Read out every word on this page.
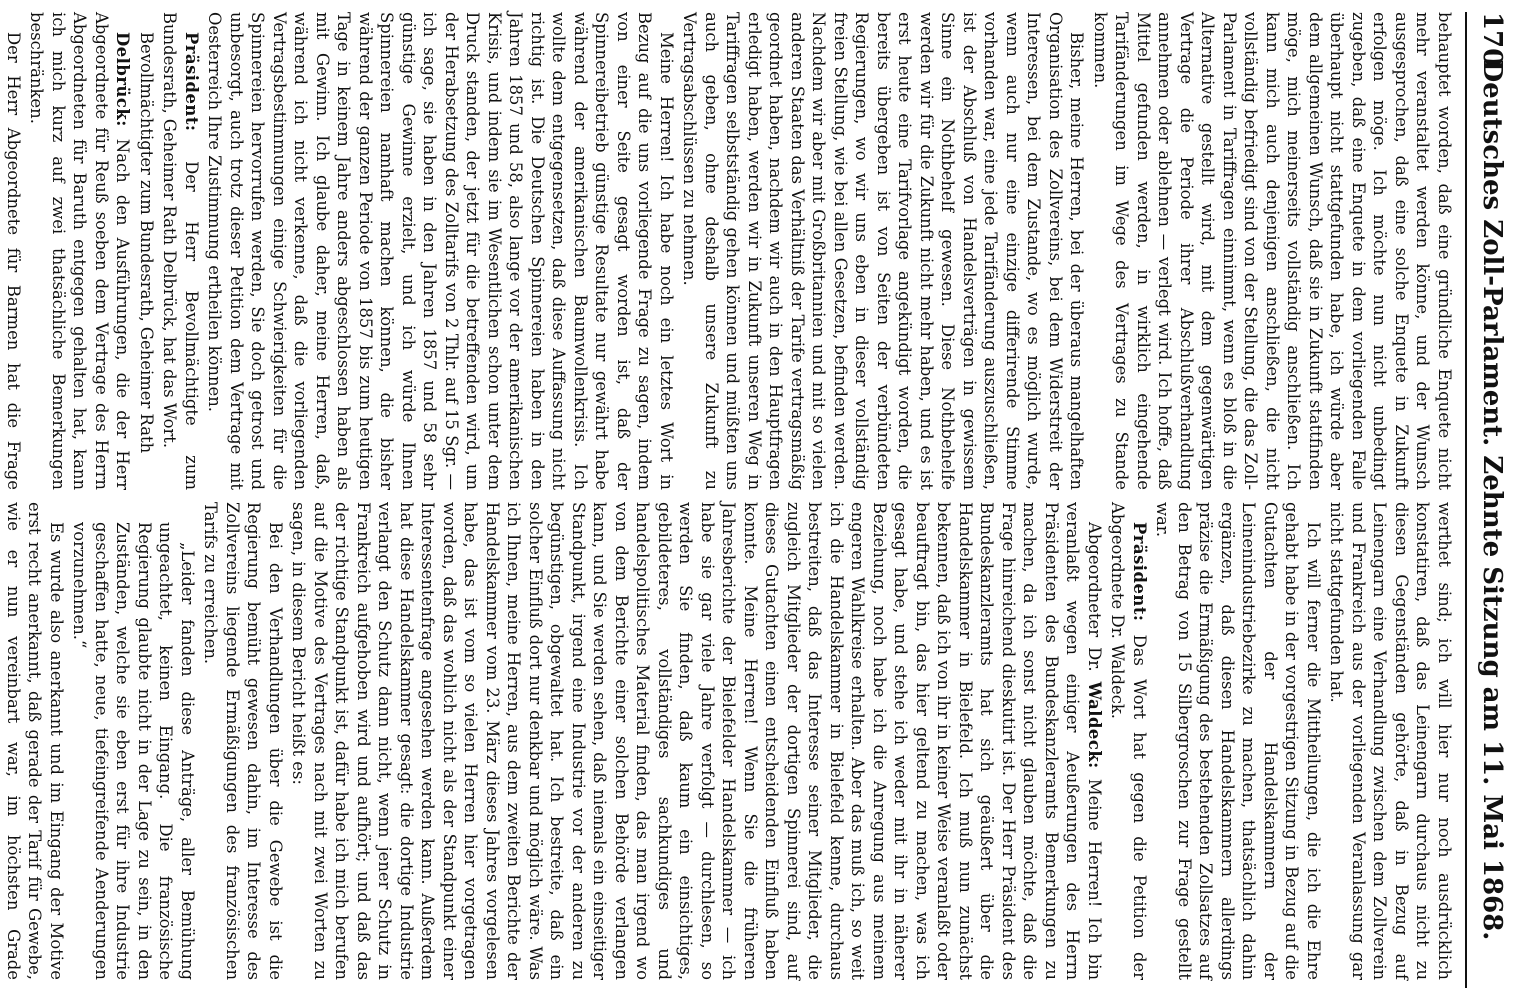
170
Deutsches Zoll-Parlament. Zehnte Sitzung am 11. Mai 1868.

behauptet worden, daß eine gründliche Enquete nicht mehr veranstaltet werden könne, und der Wunsch ausgesprochen, daß eine solche Enquete in Zukunft erfolgen möge. Ich möchte nun nicht unbedingt zugeben, daß eine Enquete in dem vorliegenden Falle überhaupt nicht stattgefunden habe, ich würde aber dem allgemeinen Wunsch, daß sie in Zukunft stattfinden möge, mich meinerseits vollständig anschließen. Ich kann mich auch denjenigen anschließen, die nicht vollständig befriedigt sind von der Stellung, die das Zoll-Parlament in Tariffragen einnimmt, wenn es bloß in die Alternative gestellt wird, mit dem gegenwärtigen Vertrage die Periode ihrer Abschlußverhandlung annehmen oder ablehnen — verlegt wird. Ich hoffe, daß Mittel gefunden werden, in wirklich eingehende Tarifänderungen im Wege des Vertrages zu Stande kommen.

Bisher, meine Herren, bei der überaus mangelhaften Organisation des Zollvereins, bei dem Widerstreit der Interessen, bei dem Zustande, wo es möglich wurde, wenn auch nur eine einzige differirende Stimme vorhanden war, eine jede Tarifänderung auszuschließen, ist der Abschluß von Handelsverträgen in gewissem Sinne ein Nothbehelf gewesen. Diese Nothbehelfe werden wir für die Zukunft nicht mehr haben, und es ist erst heute eine Tarifvorlage angekündigt worden, die bereits übergeben ist von Seiten der verbündeten Regierungen, wo wir uns eben in dieser vollständig freien Stellung, wie bei allen Gesetzen, befinden werden. Nachdem wir aber mit Großbritannien und mit so vielen anderen Staaten das Verhältniß der Tarife vertragsmäßig geordnet haben, nachdem wir auch in den Hauptfragen erledigt haben, werden wir in Zukunft unseren Weg in Tariffragen selbstständig gehen können und müßten uns auch geben, ohne deshalb unsere Zukunft zu Vertragsabschlüssen zu nehmen.

Meine Herren! Ich habe noch ein letztes Wort in Bezug auf die uns vorliegende Frage zu sagen, indem von einer Seite gesagt worden ist, daß der Spinnereibetrieb günstige Resultate nur gewährt habe während der amerikanischen Baumwollenkrisis. Ich wollte dem entgegensetzen, daß diese Auffassung nicht richtig ist. Die Deutschen Spinnereien haben in den Jahren 1857 und 58, also lange vor der amerikanischen Krisis, und indem sie im Wesentlichen schon unter dem Druck standen, der jetzt für die betreffenden wird, um der Herabsetzung des Zolltarifs von 2 Thlr. auf 15 Sgr. — ich sage, sie haben in den Jahren 1857 und 58 sehr günstige Gewinne erzielt, und ich würde Ihnen Spinnereien namhaft machen können, die bisher während der ganzen Periode von 1857 bis zum heutigen Tage in keinem Jahre anders abgeschlossen haben als mit Gewinn. Ich glaube daher, meine Herren, daß, während ich nicht verkenne, daß die vorliegenden Vertragsbestimmungen einige Schwierigkeiten für die Spinnereien hervorrufen werden, Sie doch getrost und unbesorgt, auch trotz dieser Petition dem Vertrage mit Oesterreich Ihre Zustimmung ertheilen können.

Präsident: Der Herr Bevollmächtigte zum Bundesrath, Geheimer Rath Delbrück, hat das Wort.

Bevollmächtigter zum Bundesrath, Geheimer Rath

Delbrück: Nach den Ausführungen, die der Herr Abgeordnete für Reuß soeben dem Vertrage des Herrn Abgeordneten für Baruth entgegen gehalten hat, kann ich mich kurz auf zwei thatsächliche Bemerkungen beschränken.

Der Herr Abgeordnete für Barmen hat die Frage

werthet sind; ich will hier nur noch ausdrücklich konstatiren, daß das Leinengarn durchaus nicht zu diesen Gegenständen gehörte, daß in Bezug auf Leinengarn eine Verhandlung zwischen dem Zollverein und Frankreich aus der vorliegenden Veranlassung gar nicht stattgefunden hat.

Ich will ferner die Mittheilungen, die ich die Ehre gehabt habe in der vorgestrigen Sitzung in Bezug auf die Gutachten der Handelskammern der Leinenindustriebezirke zu machen, thatsächlich dahin ergänzen, daß diesen Handelskammern allerdings präzise die Ermäßigung des bestehenden Zollsatzes auf den Betrag von 15 Silbergroschen zur Frage gestellt war.

Präsident: Das Wort hat gegen die Petition der Abgeordnete Dr. Waldeck.

Abgeordneter Dr. Waldeck: Meine Herren! Ich bin veranlaßt wegen einiger Aeußerungen des Herrn Präsidenten des Bundeskanzleramts Bemerkungen zu machen, da ich sonst nicht glauben möchte, daß die Frage hinreichend dieskutirt ist. Der Herr Präsident des Bundeskanzleramts hat sich geäußert über die Handelskammer in Bielefeld. Ich muß nun zunächst bekennen, daß ich von ihr in keiner Weise veranlaßt oder beauftragt bin, das hier geltend zu machen, was ich gesagt habe, und stehe ich weder mit ihr in näherer Beziehung, noch habe ich die Anregung aus meinem engeren Wahlkreise erhalten. Aber das muß ich, so weit ich die Handelskammer in Bielefeld kenne, durchaus bestreiten, daß das Interesse seiner Mitglieder, die zugleich Mitglieder der dortigen Spinnerei sind, auf dieses Gutachten einen entscheidenden Einfluß haben konnte. Meine Herren! Wenn Sie die früheren Jahresberichte der Bielefelder Handelskammer — ich habe sie gar viele Jahre verfolgt — durchlesen, so werden Sie finden, daß kaum ein einsichtiges, gebildeteres, vollständiges sachkundiges und handelspolitisches Material finden, das man irgend wo von dem Berichte einer solchen Behörde verlangen kann, und Sie werden sehen, daß niemals ein einseitiger Standpunkt, irgend eine Industrie vor der anderen zu begünstigen, obgewaltet hat. Ich bestreite, daß ein solcher Einfluß dort nur denkbar und möglich wäre. Was ich Ihnen, meine Herren, aus dem zweiten Berichte der Handelskammer vom 23. März dieses Jahres vorgelesen habe, das ist vom so vielen Herren hier vorgetragen worden, daß das wohlich nicht als der Standpunkt einer Interessentenfrage angesehen werden kann. Außerdem hat diese Handelskammer gesagt: die dortige Industrie verlangt den Schutz dann nicht, wenn jener Schutz in Frankreich aufgehoben wird und aufhört; und daß das der richtige Standpunkt ist, dafür habe ich mich berufen auf die Motive des Vertrages nach mit zwei Worten zu sagen, in diesem Bericht heißt es:

Bei den Verhandlungen über die Gewebe ist die Regierung bemüht gewesen dahin, im Interesse des Zollvereins liegende Ermäßigungen des französischen Tarifs zu erreichen.

„Leider fanden diese Anträge, aller Bemühung ungeachtet, keinen Eingang. Die französische Regierung glaubte nicht in der Lage zu sein, in den Zuständen, welche sie eben erst für ihre Industrie geschaffen hatte, neue, tiefeingreifende Aenderungen vorzunehmen.“

Es wurde also anerkannt und im Eingang der Motive erst recht anerkannt, daß gerade der Tarif für Gewebe, wie er nun vereinbart war, im höchsten Grade
